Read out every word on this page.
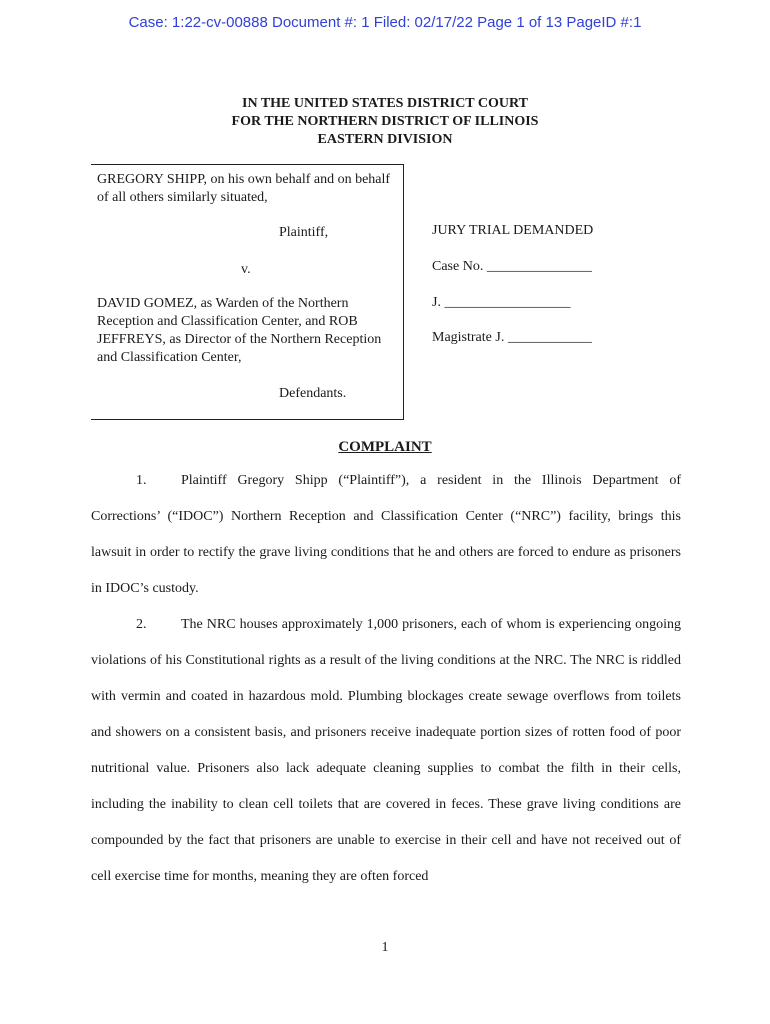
Case: 1:22-cv-00888 Document #: 1 Filed: 02/17/22 Page 1 of 13 PageID #:1
IN THE UNITED STATES DISTRICT COURT
FOR THE NORTHERN DISTRICT OF ILLINOIS
EASTERN DIVISION
GREGORY SHIPP, on his own behalf and on behalf of all others similarly situated,
Plaintiff,
v.
DAVID GOMEZ, as Warden of the Northern Reception and Classification Center, and ROB JEFFREYS, as Director of the Northern Reception and Classification Center,
Defendants.
JURY TRIAL DEMANDED
Case No. _______________
J. __________________
Magistrate J. ____________
COMPLAINT

1. Plaintiff Gregory Shipp (“Plaintiff”), a resident in the Illinois Department of Corrections’ (“IDOC”) Northern Reception and Classification Center (“NRC”) facility, brings this lawsuit in order to rectify the grave living conditions that he and others are forced to endure as prisoners in IDOC’s custody.

2. The NRC houses approximately 1,000 prisoners, each of whom is experiencing ongoing violations of his Constitutional rights as a result of the living conditions at the NRC. The NRC is riddled with vermin and coated in hazardous mold. Plumbing blockages create sewage overflows from toilets and showers on a consistent basis, and prisoners receive inadequate portion sizes of rotten food of poor nutritional value. Prisoners also lack adequate cleaning supplies to combat the filth in their cells, including the inability to clean cell toilets that are covered in feces. These grave living conditions are compounded by the fact that prisoners are unable to exercise in their cell and have not received out of cell exercise time for months, meaning they are often forced

1
